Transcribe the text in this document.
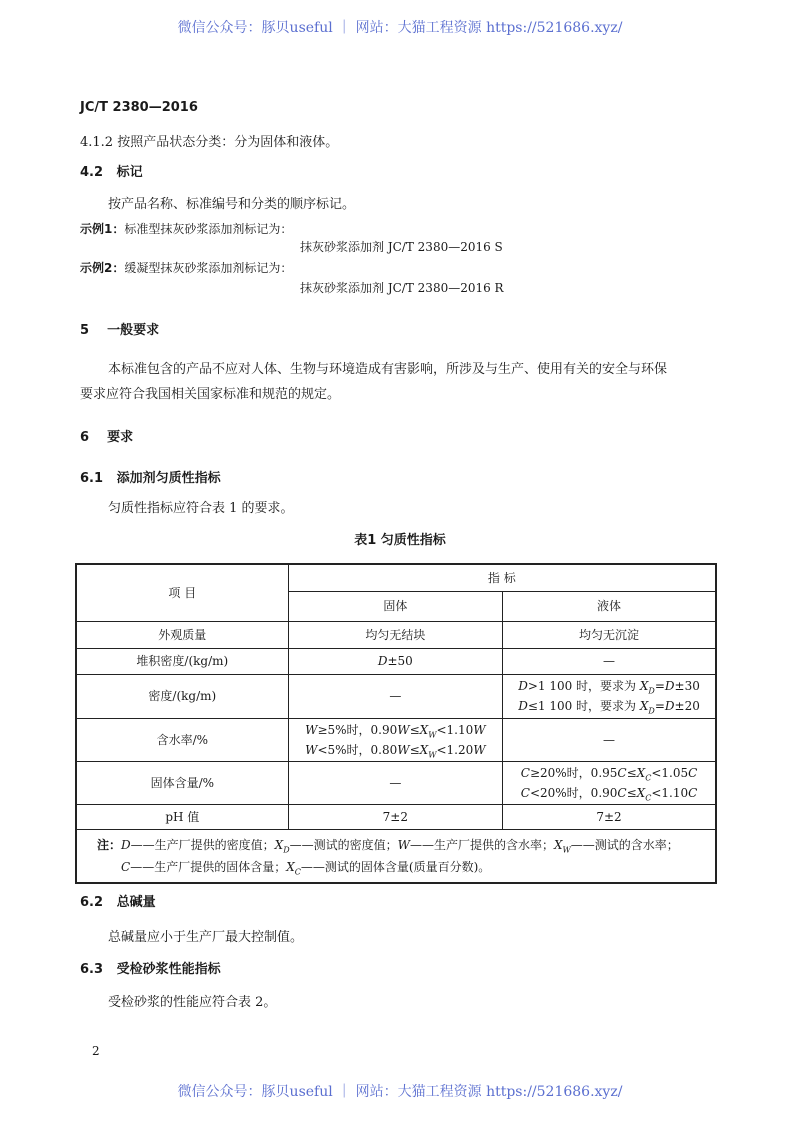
微信公众号：豚贝useful ｜ 网站：大猫工程资源 https://521686.xyz/
JC/T 2380—2016
4.1.2 按照产品状态分类：分为固体和液体。
4.2 标记
按产品名称、标准编号和分类的顺序标记。
示例1：标准型抹灰砂浆添加剂标记为：
抹灰砂浆添加剂 JC/T 2380—2016 S
示例2：缓凝型抹灰砂浆添加剂标记为：
抹灰砂浆添加剂 JC/T 2380—2016 R
5 一般要求
本标准包含的产品不应对人体、生物与环境造成有害影响，所涉及与生产、使用有关的安全与环保
要求应符合我国相关国家标准和规范的规定。
6 要求
6.1 添加剂匀质性指标
匀质性指标应符合表 1 的要求。
表1 匀质性指标
项 目	指 标	
	固体	液体
外观质量	均匀无结块	均匀无沉淀

堆积密度/(kg/m)	D±50	—

密度/(kg/m)	—	D>1 100 时，要求为 $X_D=D\pm 30$
D≤1 100 时，要求为 $X_D=D\pm 20$

含水率/%	W≥5%时，$0.90W\le X_W<1.10W$
W<5%时，$0.80W\le X_W<1.20W$	—

固体含量/%	—	C≥20%时，$0.95C\le X_C<1.05C$
C<20%时，$0.90C\le X_C<1.10C$

pH 值	7±2	7±2

注：D——生产厂提供的密度值；$X_D——$测试的密度值；W——生产厂提供的含水率；$X_W——$测试的含水率；
　　C——生产厂提供的固体含量；$X_C——$测试的固体含量(质量百分数)。		
6.2 总碱量
总碱量应小于生产厂最大控制值。
6.3 受检砂浆性能指标
受检砂浆的性能应符合表 2。
2
微信公众号：豚贝useful ｜ 网站：大猫工程资源 https://521686.xyz/
